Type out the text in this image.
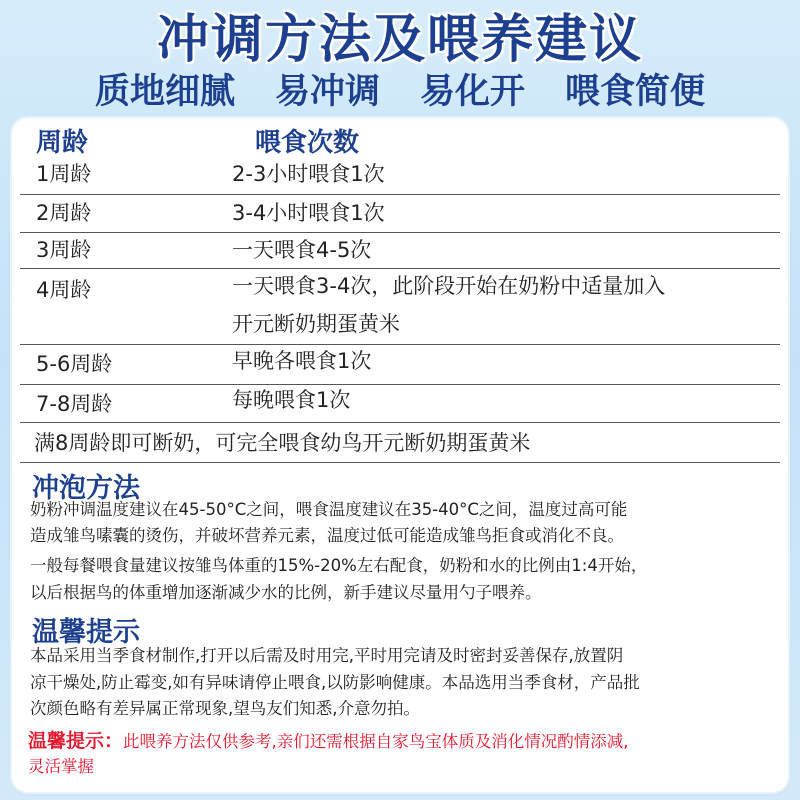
冲调方法及喂养建议
质地细腻 易冲调 易化开 喂食简便
周龄	喂食次数
1周龄	2-3小时喂食1次
2周龄	3-4小时喂食1次
3周龄	一天喂食4-5次
4周龄	一天喂食3-4次，此阶段开始在奶粉中适量加入
开元断奶期蛋黄米
5-6周龄	早晚各喂食1次
7-8周龄	每晚喂食1次
满8周龄即可断奶，可完全喂食幼鸟开元断奶期蛋黄米
冲泡方法
奶粉冲调温度建议在45-50°C之间，喂食温度建议在35-40°C之间，温度过高可能
造成雏鸟嗉囊的烫伤，并破坏营养元素，温度过低可能造成雏鸟拒食或消化不良。
一般每餐喂食量建议按雏鸟体重的15%-20%左右配食，奶粉和水的比例由1:4开始，
以后根据鸟的体重增加逐渐减少水的比例，新手建议尽量用勺子喂养。
温馨提示
本品采用当季食材制作,打开以后需及时用完,平时用完请及时密封妥善保存,放置阴
凉干燥处,防止霉变,如有异味请停止喂食,以防影响健康。本品选用当季食材，产品批
次颜色略有差异属正常现象,望鸟友们知悉,介意勿拍。
温馨提示：此喂养方法仅供参考,亲们还需根据自家鸟宝体质及消化情况酌情添减,
灵活掌握
